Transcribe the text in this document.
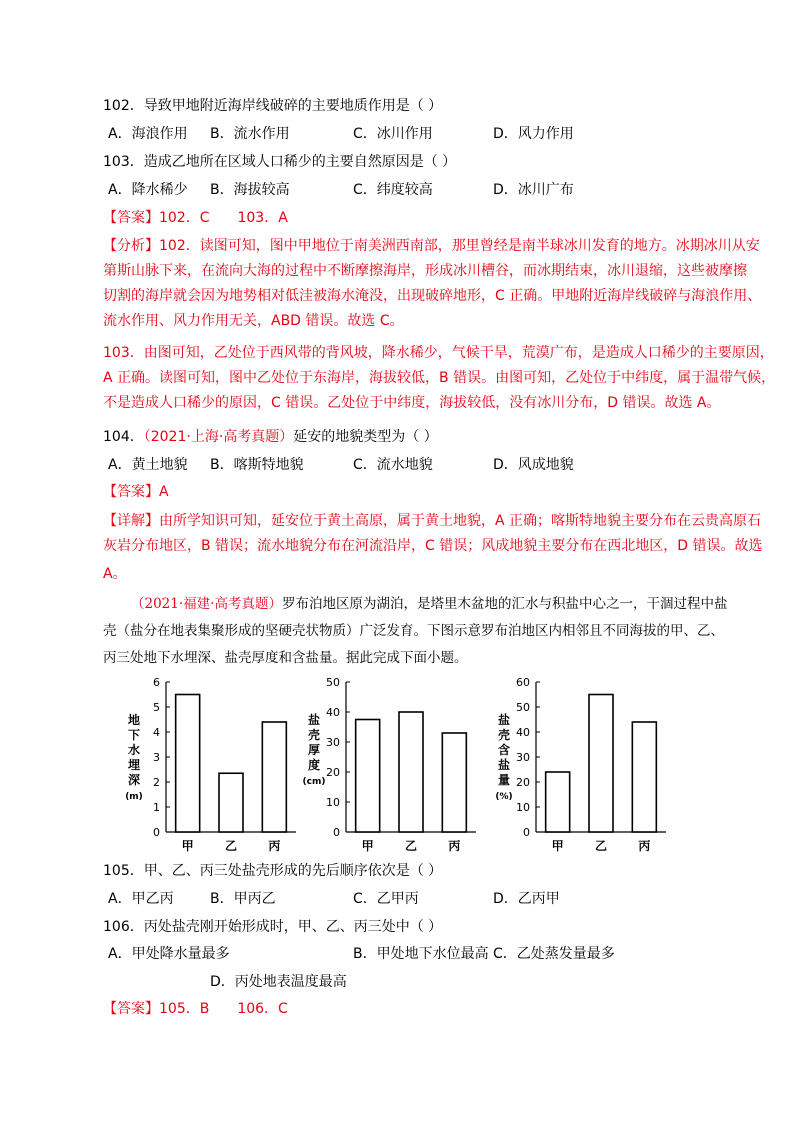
102．导致甲地附近海岸线破碎的主要地质作用是（ ）
A．海浪作用 B．流水作用	C．冰川作用	D．风力作用
103．造成乙地所在区域人口稀少的主要自然原因是（ ）
A．降水稀少 B．海拔较高	C．纬度较高	D．冰川广布
【答案】102．C　　103．A
【分析】102．读图可知，图中甲地位于南美洲西南部，那里曾经是南半球冰川发育的地方。冰期冰川从安
第斯山脉下来，在流向大海的过程中不断摩擦海岸，形成冰川槽谷，而冰期结束，冰川退缩，这些被摩擦
切割的海岸就会因为地势相对低洼被海水淹没，出现破碎地形，C 正确。甲地附近海岸线破碎与海浪作用、
流水作用、风力作用无关，ABD 错误。故选 C。
103．由图可知，乙处位于西风带的背风坡，降水稀少，气候干旱，荒漠广布，是造成人口稀少的主要原因，
A 正确。读图可知，图中乙处位于东海岸，海拔较低，B 错误。由图可知，乙处位于中纬度，属于温带气候，
不是造成人口稀少的原因，C 错误。乙处位于中纬度，海拔较低，没有冰川分布，D 错误。故选 A。
104．（2021·上海·高考真题）延安的地貌类型为（ ）
A．黄土地貌 B．喀斯特地貌	C．流水地貌	D．风成地貌
【答案】A
【详解】由所学知识可知，延安位于黄土高原，属于黄土地貌，A 正确；喀斯特地貌主要分布在云贵高原石
灰岩分布地区，B 错误；流水地貌分布在河流沿岸，C 错误；风成地貌主要分布在西北地区，D 错误。故选
A。
（2021·福建·高考真题）罗布泊地区原为湖泊，是塔里木盆地的汇水与积盐中心之一，干涸过程中盐
壳（盐分在地表集聚形成的坚硬壳状物质）广泛发育。下图示意罗布泊地区内相邻且不同海拔的甲、乙、
丙三处地下水埋深、盐壳厚度和含盐量。据此完成下面小题。
地
下
水
埋
深
(m)
0
1
2
3
4
5
6
甲	乙	丙
盐
壳
厚
度
(cm)
0
10
20
30
40
50
甲	乙	丙
盐
壳
含
盐
量
(%)
0
10
20
30
40
50
60
甲	乙	丙
105．甲、乙、丙三处盐壳形成的先后顺序依次是（ ）
A．甲乙丙	B．甲丙乙	C．乙甲丙	D．乙丙甲
106．丙处盐壳刚开始形成时，甲、乙、丙三处中（ ）
A．甲处降水量最多	B．甲处地下水位最高 C．乙处蒸发量最多
D．丙处地表温度最高
【答案】105．B　　106．C
